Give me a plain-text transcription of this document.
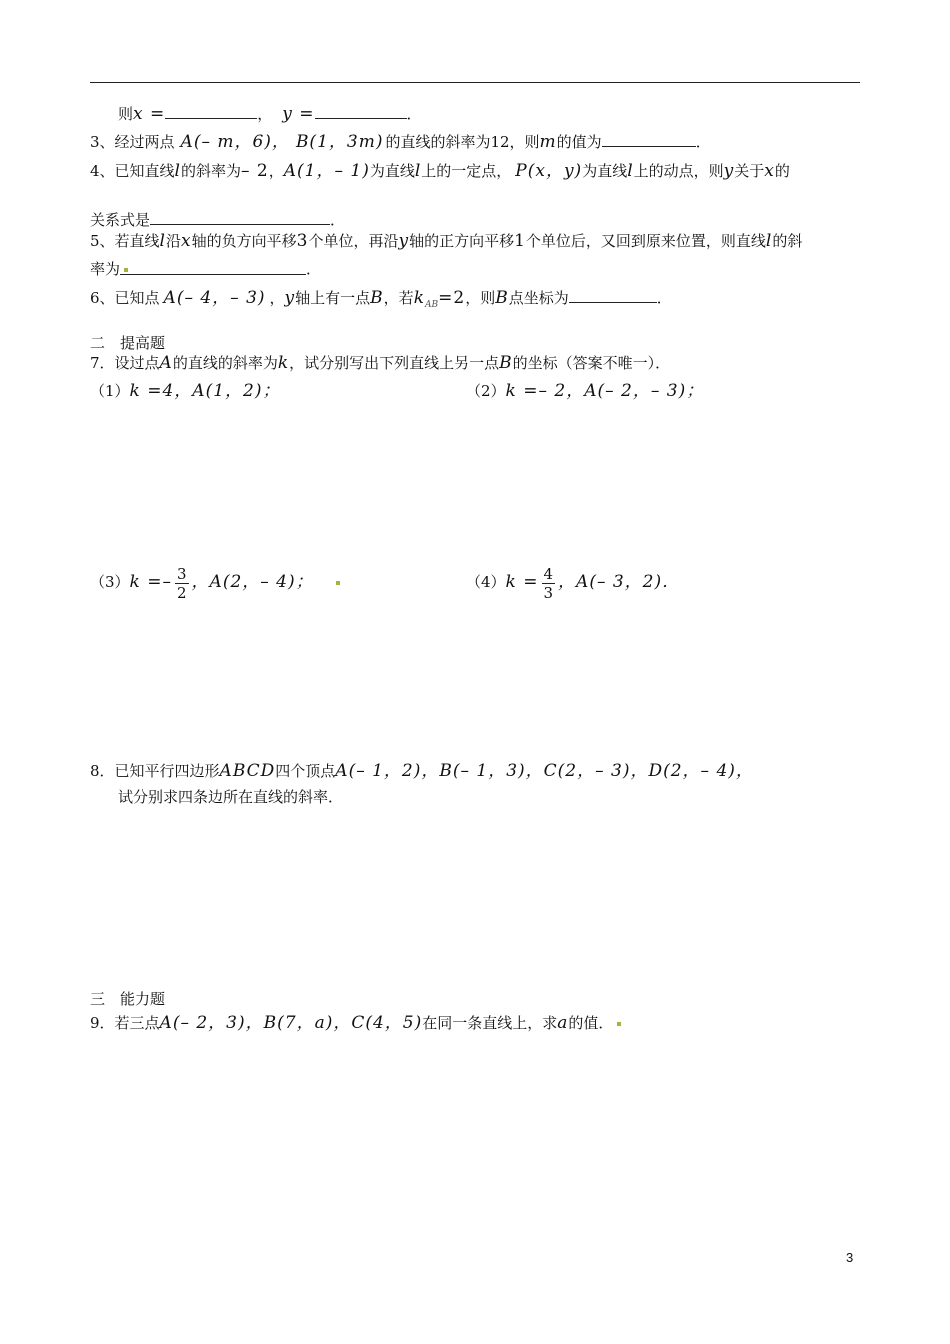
则x =	， y =	．
3、经过两点 A(– m，6)， B(1，3m) 的直线的斜率为12，则m的值为	．
4、已知直线l的斜率为– 2，A(1，– 1)为直线l上的一定点， P(x，y)为直线l上的动点，则y关于x的
关系式是	．
5、若直线l沿x轴的负方向平移3个单位，再沿y轴的正方向平移1个单位后，又回到原来位置，则直线l的斜
率为	．
6、已知点 A(– 4，– 3) ，y轴上有一点B，若$k_{AB}=2$，则B点坐标为	．
二　提高题
7．设过点A的直线的斜率为k，试分别写出下列直线上另一点B的坐标（答案不唯一）．
（1）k =4，A(1，2)；	（2）k =– 2，A(– 2，– 3)；
$(3)k =- \frac{3}{2}$ ，A(2，– 4)；	$(4)k = \frac{4}{3}$ ，A(– 3，2)．
8．已知平行四边形ABCD四个顶点A(– 1，2)，B(– 1，3)，C(2，– 3)，D(2，– 4)，
试分别求四条边所在直线的斜率．
三　能力题
9．若三点A(– 2，3)，B(7，a)，C(4，5)在同一条直线上，求a的值．
3
